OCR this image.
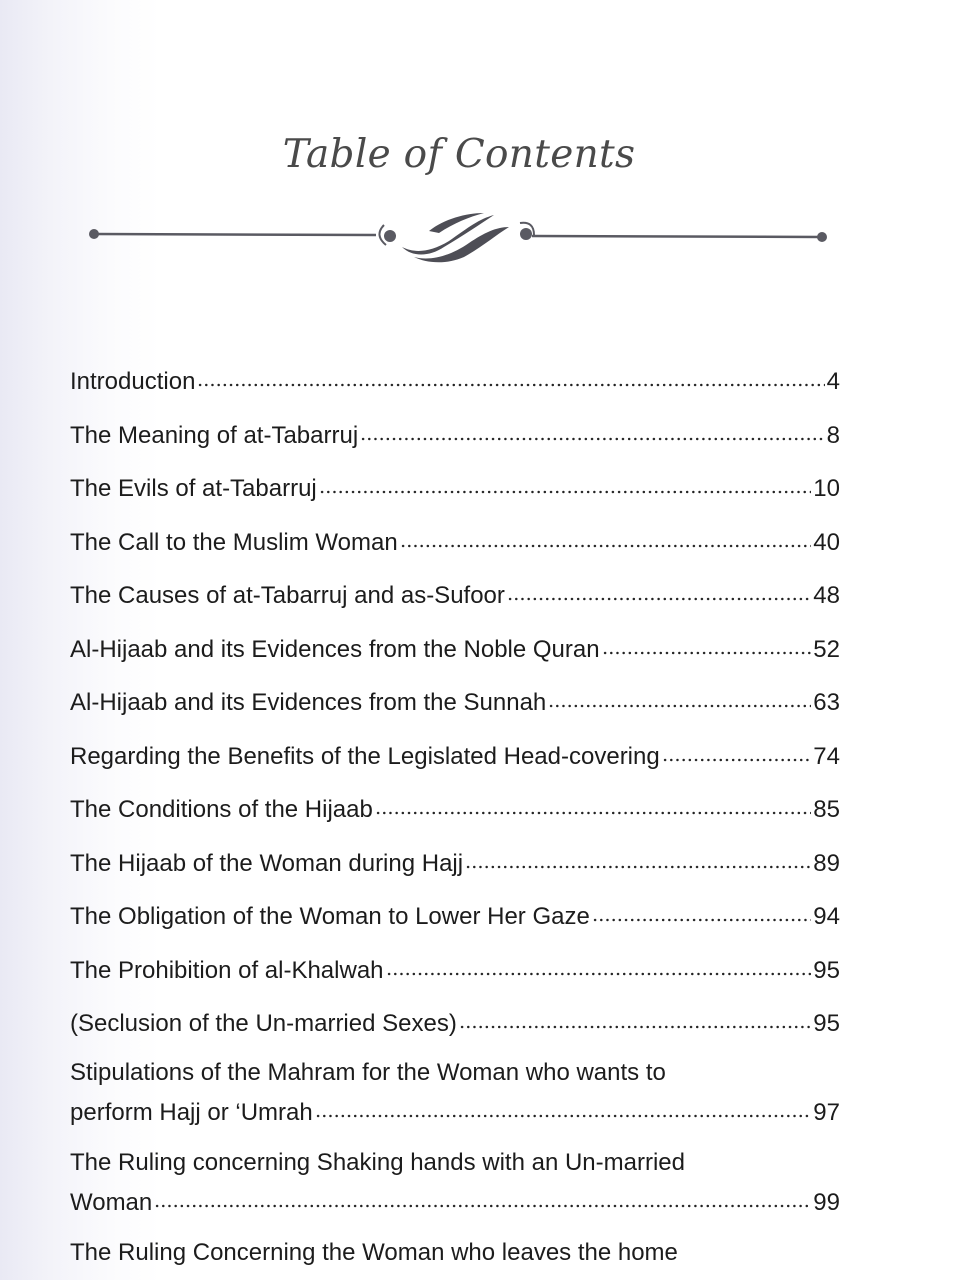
Table of Contents
Introduction	4
The Meaning of at-Tabarruj	8
The Evils of at-Tabarruj	10
The Call to the Muslim Woman	40
The Causes of at-Tabarruj and as-Sufoor	48
Al-Hijaab and its Evidences from the Noble Quran	52
Al-Hijaab and its Evidences from the Sunnah	63
Regarding the Benefits of the Legislated Head-covering	74
The Conditions of the Hijaab	85
The Hijaab of the Woman during Hajj	89
The Obligation of the Woman to Lower Her Gaze	94
The Prohibition of al-Khalwah	95
(Seclusion of the Un-married Sexes)	95
Stipulations of the Mahram for the Woman who wants to
perform Hajj or ‘Umrah	97
The Ruling concerning Shaking hands with an Un-married
Woman	99
The Ruling Concerning the Woman who leaves the home
